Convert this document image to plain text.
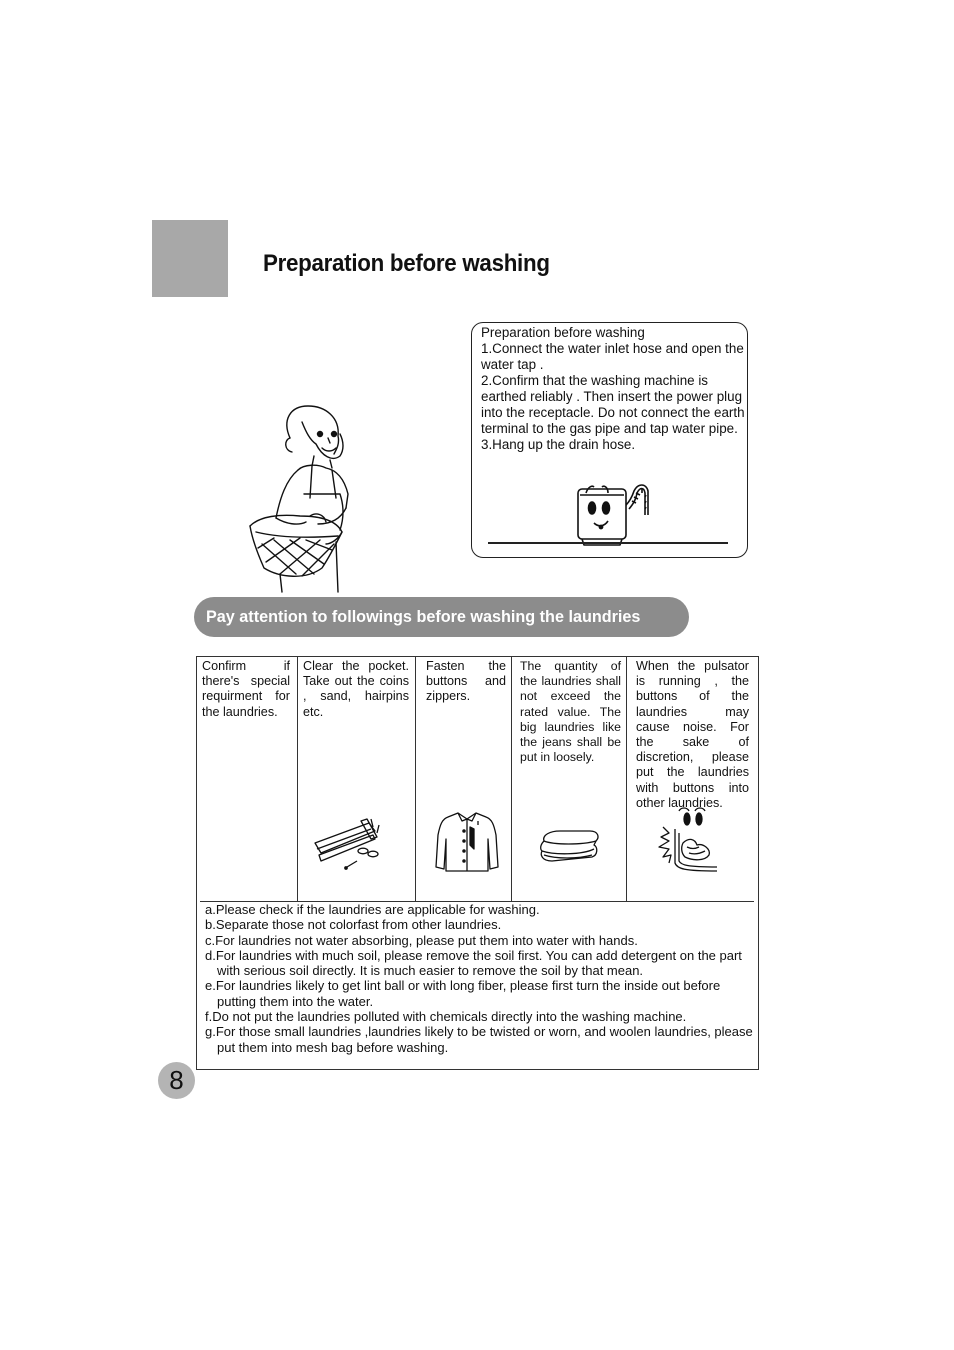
Preparation before washing
Preparation before washing
1.Connect the water inlet hose and open the water tap .
2.Confirm that the washing machine is earthed reliably . Then insert the power plug into the receptacle. Do not connect the earth terminal to the gas pipe and tap water pipe.
3.Hang up the drain hose.
Pay attention to followings before washing the laundries

Confirm if there's special requirment for the laundries.

Clear the pocket. Take out the coins , sand, hairpins etc.

Fasten the buttons and zippers.

The quantity of the laundries shall not exceed the rated value. The big laundries like the jeans shall be put in loosely.

When the pulsator is running , the buttons of the laundries may cause noise. For the sake of discretion, please put the laundries with buttons into other laundries.

a.Please check if the laundries are applicable for washing.
b.Separate those not colorfast from other laundries.
c.For laundries not water absorbing, please put them into water with hands.
d.For laundries with much soil, please remove the soil first. You can add detergent on the part with serious soil directly. It is much easier to remove the soil by that mean.
e.For laundries likely to get lint ball or with long fiber, please first turn the inside out before putting them into the water.
f.Do not put the laundries polluted with chemicals directly into the washing machine.
g.For those small laundries ,laundries likely to be twisted or worn, and woolen laundries, please put them into mesh bag before washing.
8
